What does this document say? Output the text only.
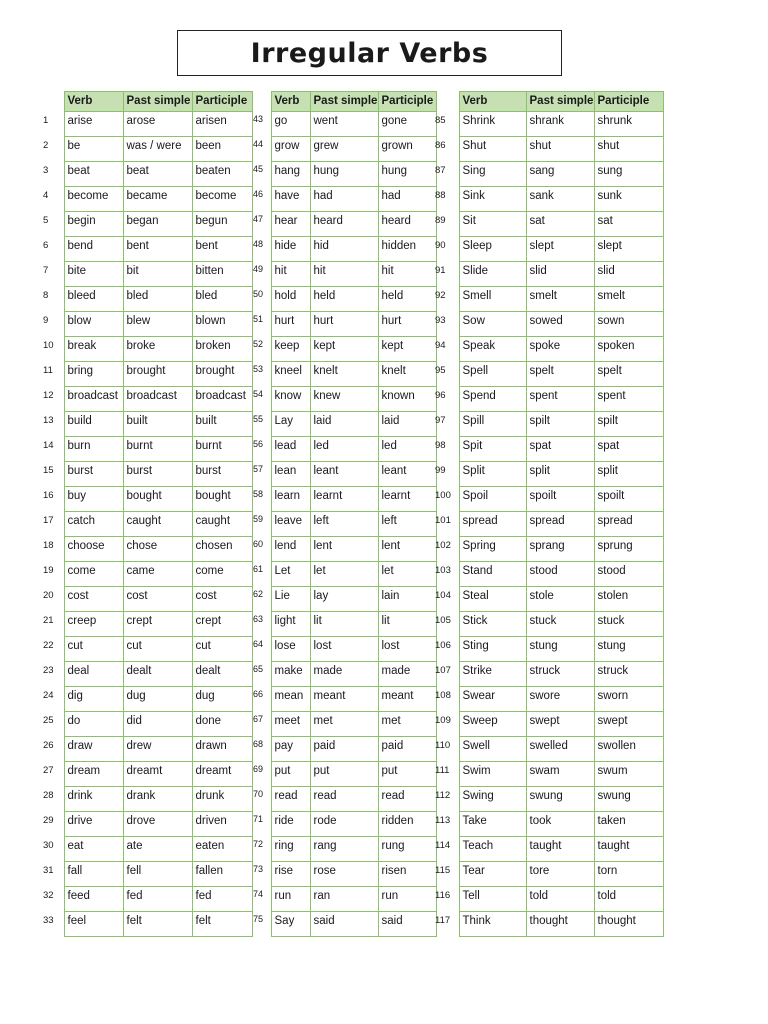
Irregular Verbs
	Verb	Past simple	Participle
1	arise	arose	arisen
2	be	was / were	been
3	beat	beat	beaten
4	become	became	become
5	begin	began	begun
6	bend	bent	bent
7	bite	bit	bitten
8	bleed	bled	bled
9	blow	blew	blown
10	break	broke	broken
11	bring	brought	brought
12	broadcast	broadcast	broadcast
13	build	built	built
14	burn	burnt	burnt
15	burst	burst	burst
16	buy	bought	bought
17	catch	caught	caught
18	choose	chose	chosen
19	come	came	come
20	cost	cost	cost
21	creep	crept	crept
22	cut	cut	cut
23	deal	dealt	dealt
24	dig	dug	dug
25	do	did	done
26	draw	drew	drawn
27	dream	dreamt	dreamt
28	drink	drank	drunk
29	drive	drove	driven
30	eat	ate	eaten
31	fall	fell	fallen
32	feed	fed	fed
33	feel	felt	felt
	Verb	Past simple	Participle
43	go	went	gone
44	grow	grew	grown
45	hang	hung	hung
46	have	had	had
47	hear	heard	heard
48	hide	hid	hidden
49	hit	hit	hit
50	hold	held	held
51	hurt	hurt	hurt
52	keep	kept	kept
53	kneel	knelt	knelt
54	know	knew	known
55	Lay	laid	laid
56	lead	led	led
57	lean	leant	leant
58	learn	learnt	learnt
59	leave	left	left
60	lend	lent	lent
61	Let	let	let
62	Lie	lay	lain
63	light	lit	lit
64	lose	lost	lost
65	make	made	made
66	mean	meant	meant
67	meet	met	met
68	pay	paid	paid
69	put	put	put
70	read	read	read
71	ride	rode	ridden
72	ring	rang	rung
73	rise	rose	risen
74	run	ran	run
75	Say	said	said
	Verb	Past simple	Participle
85	Shrink	shrank	shrunk
86	Shut	shut	shut
87	Sing	sang	sung
88	Sink	sank	sunk
89	Sit	sat	sat
90	Sleep	slept	slept
91	Slide	slid	slid
92	Smell	smelt	smelt
93	Sow	sowed	sown
94	Speak	spoke	spoken
95	Spell	spelt	spelt
96	Spend	spent	spent
97	Spill	spilt	spilt
98	Spit	spat	spat
99	Split	split	split
100	Spoil	spoilt	spoilt
101	spread	spread	spread
102	Spring	sprang	sprung
103	Stand	stood	stood
104	Steal	stole	stolen
105	Stick	stuck	stuck
106	Sting	stung	stung
107	Strike	struck	struck
108	Swear	swore	sworn
109	Sweep	swept	swept
110	Swell	swelled	swollen
111	Swim	swam	swum
112	Swing	swung	swung
113	Take	took	taken
114	Teach	taught	taught
115	Tear	tore	torn
116	Tell	told	told
117	Think	thought	thought
